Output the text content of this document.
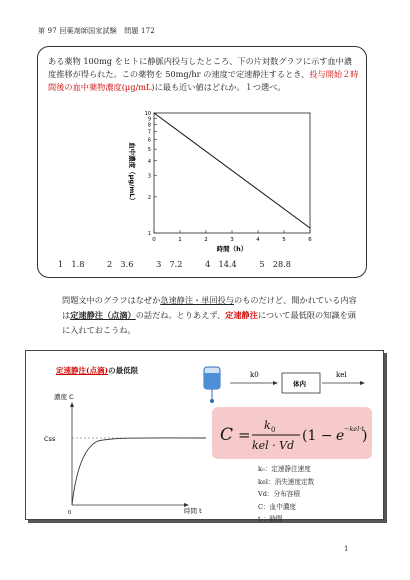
第 97 回薬剤師国家試験　問題 172
ある薬物 100mg をヒトに静脈内投与したところ、下の片対数グラフに示す血中濃度推移が得られた。この薬物を 50mg/hr の速度で定速静注するとき、投与開始２時間後の血中薬物濃度(μg/mL)に最も近い値はどれか。１つ選べ。
1
2
3
4
5
6
7
8
9
10
0	1	2	3	4	5	6
時間（h）
血中濃度（μg/mL）
1　1.8	2　3.6	3　7.2	4　14.4	5　28.8
問題文中のグラフはなぜか急速静注・単回投与のものだけど、聞かれている内容は定速静注（点滴）の話だね。とりあえず、定速静注について最低限の知識を頭に入れておこうね。
定速静注(点滴)の最低限
濃度 C
Css
0	時間 t
k0
体内
kel
C =
k 0
kel · Vd
(1 − e −kel·t
)
k₀：定速静注速度
kel：消失速度定数
Vd：分布容積
C：血中濃度
t ：時間
1
